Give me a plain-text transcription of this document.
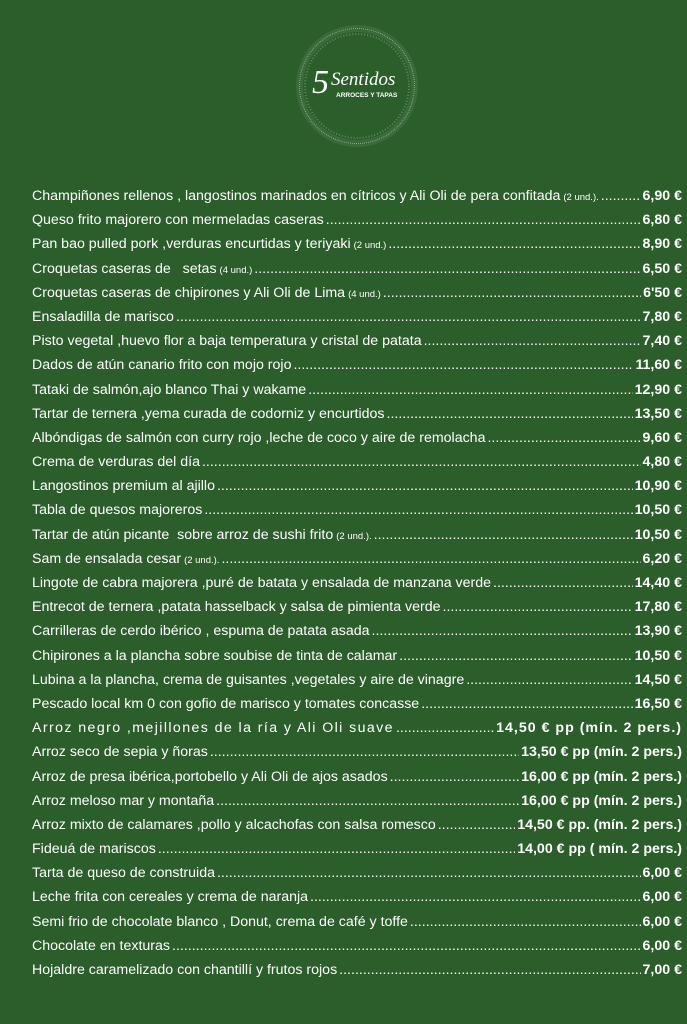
5 Sentidos
ARROCES Y TAPAS
Champiñones rellenos , langostinos marinados en cítricos y Ali Oli de pera confitada (2 und.). .....	6,90 €
Queso frito majorero con mermeladas caseras .....	6,80 €
Pan bao pulled pork ,verduras encurtidas y teriyaki (2 und.) .....	8,90 €
Croquetas caseras de   setas (4 und.) .....	6,50 €
Croquetas caseras de chipirones y Ali Oli de Lima (4 und.) .....	6'50 €
Ensaladilla de marisco .....	7,80 €
Pisto vegetal ,huevo flor a baja temperatura y cristal de patata .....	7,40 €
Dados de atún canario frito con mojo rojo .....	11,60 €
Tataki de salmón,ajo blanco Thai y wakame .....	12,90 €
Tartar de ternera ,yema curada de codorniz y encurtidos .....	13,50 €
Albóndigas de salmón con curry rojo ,leche de coco y aire de remolacha .....	9,60 €
Crema de verduras del día .....	4,80 €
Langostinos premium al ajillo .....	10,90 €
Tabla de quesos majoreros .....	10,50 €
Tartar de atún picante  sobre arroz de sushi frito (2 und.). .....	10,50 €
Sam de ensalada cesar (2 und.). .....	6,20 €
Lingote de cabra majorera ,puré de batata y ensalada de manzana verde .....	14,40 €
Entrecot de ternera ,patata hasselback y salsa de pimienta verde .....	17,80 €
Carrilleras de cerdo ibérico , espuma de patata asada .....	13,90 €
Chipirones a la plancha sobre soubise de tinta de calamar .....	10,50 €
Lubina a la plancha, crema de guisantes ,vegetales y aire de vinagre .....	14,50 €
Pescado local km 0 con gofio de marisco y tomates concasse .....	16,50 €
Arroz negro ,mejillones de la ría y Ali Oli suave .....	14,50 € pp (mín. 2 pers.)
Arroz seco de sepia y ñoras .....	13,50 € pp (mín. 2 pers.)
Arroz de presa ibérica,portobello y Ali Oli de ajos asados .....	16,00 € pp (mín. 2 pers.)
Arroz meloso mar y montaña .....	16,00 € pp (mín. 2 pers.)
Arroz mixto de calamares ,pollo y alcachofas con salsa romesco .....	14,50 € pp. (mín. 2 pers.)
Fideuá de mariscos .....	14,00 € pp ( mín. 2 pers.)
Tarta de queso de construida .....	6,00 €
Leche frita con cereales y crema de naranja .....	6,00 €
Semi frio de chocolate blanco , Donut, crema de café y toffe .....	6,00 €
Chocolate en texturas .....	6,00 €
Hojaldre caramelizado con chantillí y frutos rojos .....	7,00 €
